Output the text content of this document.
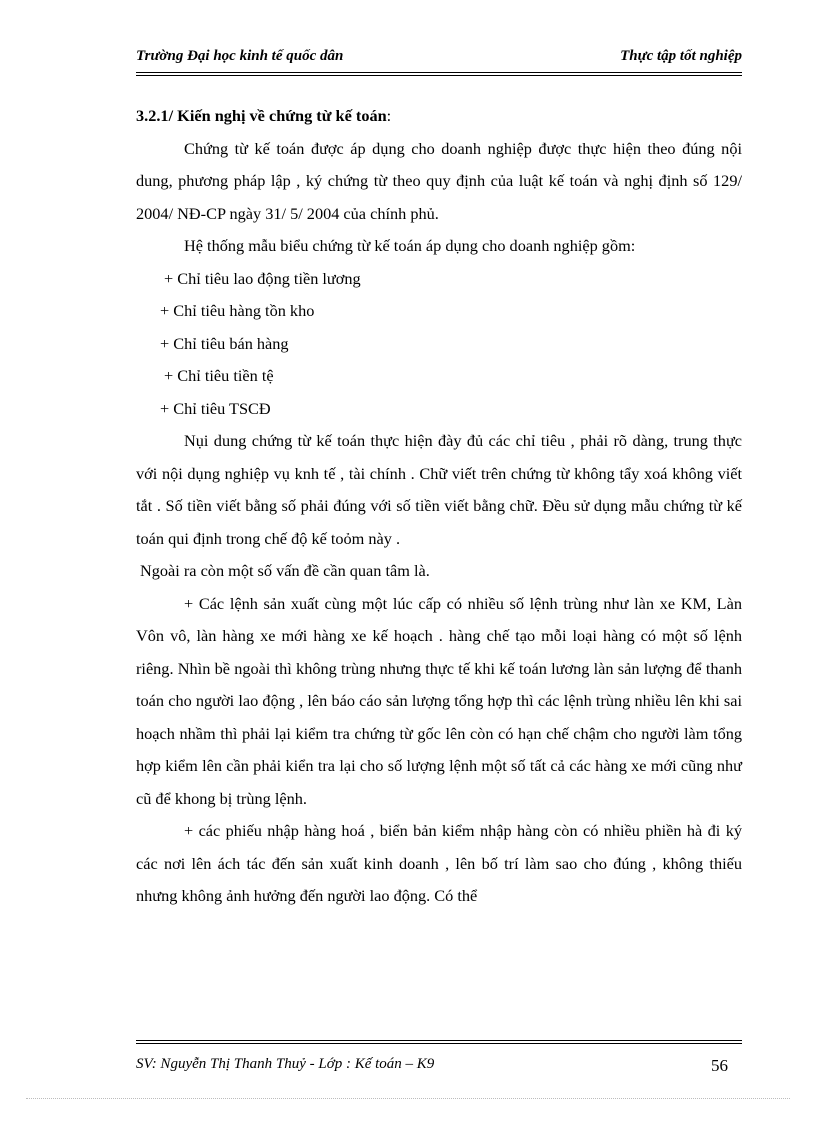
Trường Đại học kinh tế quốc dân	Thực tập tốt nghiệp

3.2.1/ Kiến nghị về chứng từ kế toán:

Chứng từ kế toán được áp dụng cho doanh nghiệp được thực hiện theo đúng nội dung, phương pháp lập , ký chứng từ theo quy định của luật kế toán và nghị định số 129/ 2004/ NĐ-CP ngày 31/ 5/ 2004 của chính phủ.

Hệ thống mẫu biểu chứng từ kế toán áp dụng cho doanh nghiệp gồm:

+ Chỉ tiêu lao động tiền lương

+ Chỉ tiêu hàng tồn kho

+ Chỉ tiêu bán hàng

+ Chỉ tiêu tiền tệ

+ Chỉ tiêu TSCĐ

Nụi dung chứng từ kế toán thực hiện đày đủ các chỉ tiêu , phải rõ dàng, trung thực với nội dụng nghiệp vụ knh tế , tài chính . Chữ viết trên chứng từ không tẩy xoá không viết tắt . Số tiền viết bằng số phải đúng với số tiền viết bằng chữ. Đều sử dụng mẫu chứng từ kế toán qui định trong chế độ kế toỏm này .

Ngoài ra còn một số vấn đề cần quan tâm là.

+ Các lệnh sản xuất cùng một lúc cấp có nhiều số lệnh trùng như làn xe KM, Làn Vôn vô, làn hàng xe mới hàng xe kế hoạch . hàng chế tạo mỗi loại hàng có một số lệnh riêng. Nhìn bề ngoài thì không trùng nhưng thực tế khi kế toán lương làn sản lượng để thanh toán cho người lao động , lên báo cáo sản lượng tổng hợp thì các lệnh trùng nhiều lên khi sai hoạch nhầm thì phải lại kiểm tra chứng từ gốc lên còn có hạn chế chậm cho người làm tổng hợp kiểm lên cần phải kiển tra lại cho số lượng lệnh một số tất cả các hàng xe mới cũng như cũ để khong bị trùng lệnh.

+ các phiếu nhập hàng hoá , biển bản kiểm nhập hàng còn có nhiều phiền hà đi ký các nơi lên ách tác đến sản xuất kinh doanh , lên bố trí làm sao cho đúng , không thiếu nhưng không ảnh hưởng đến người lao động. Có thể

SV: Nguyễn Thị Thanh Thuỷ - Lớp : Kế toán – K9	56
